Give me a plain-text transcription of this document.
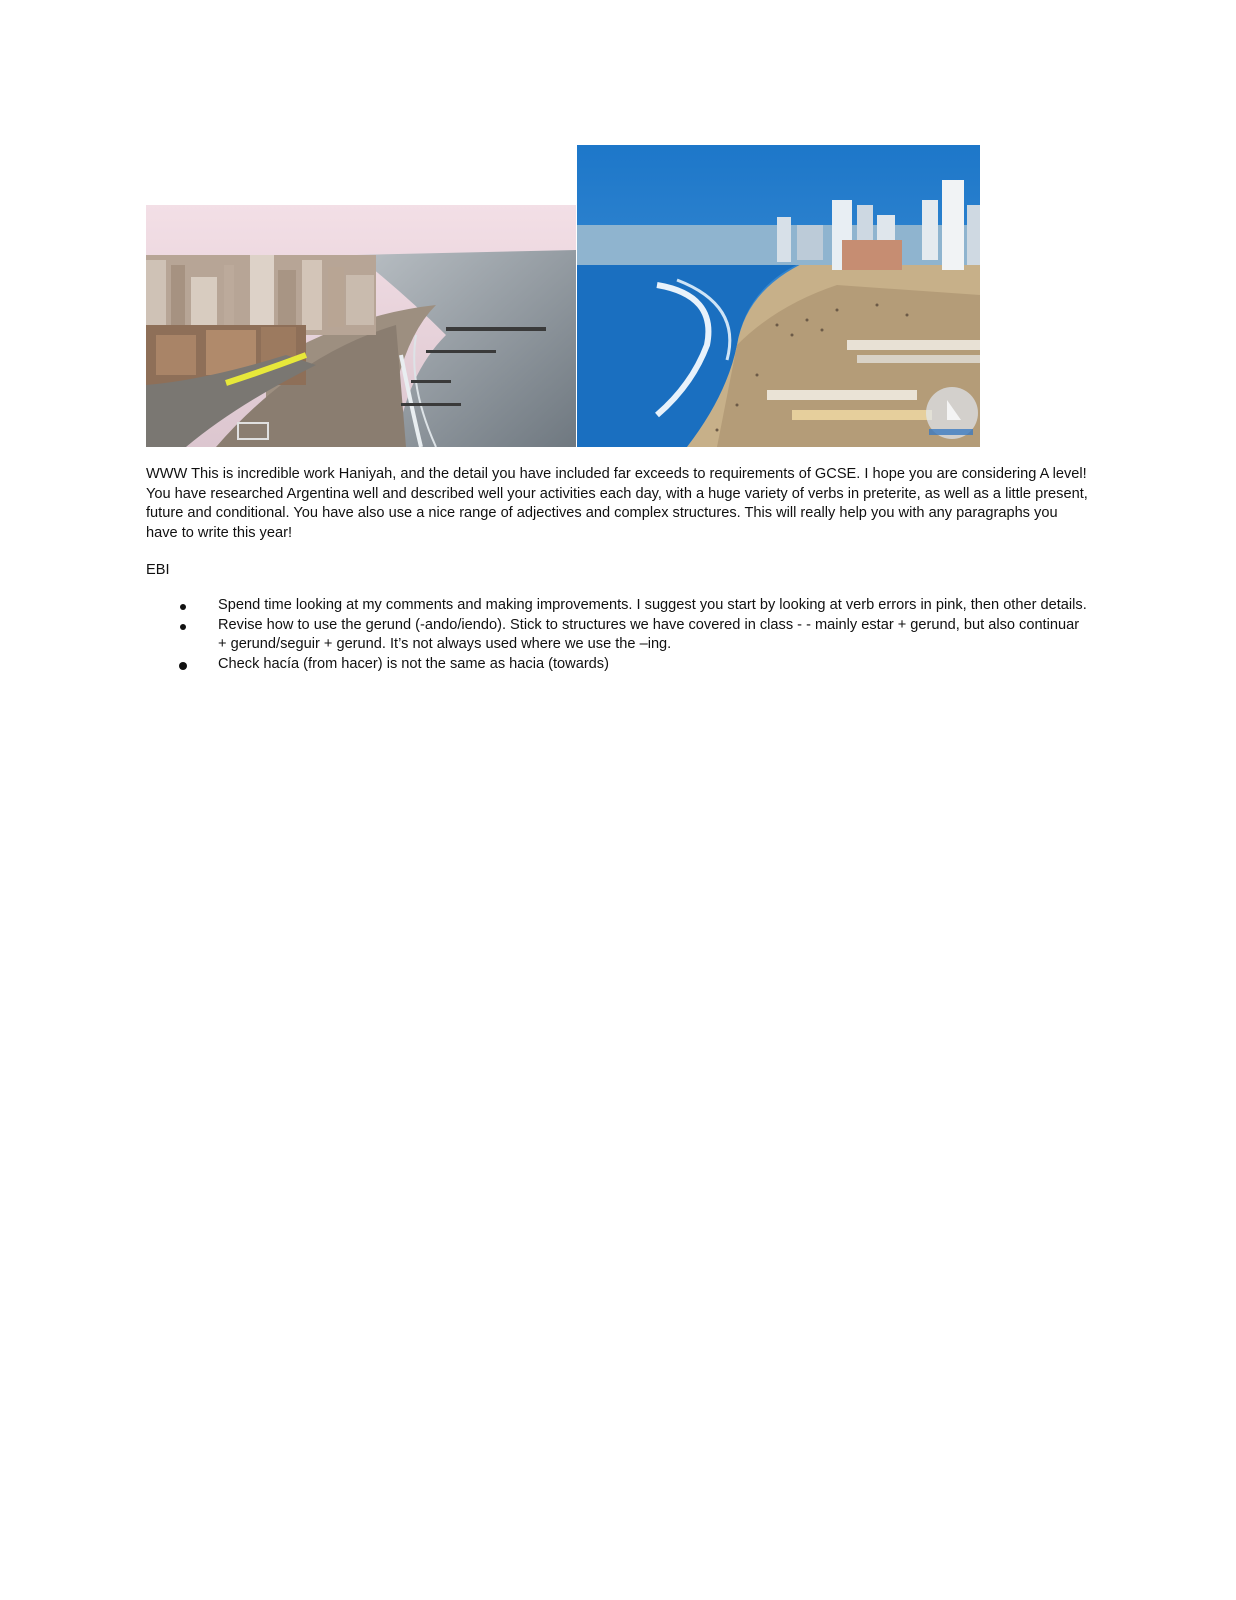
WWW This is incredible work Haniyah, and the detail you have included far exceeds to requirements of GCSE. I hope you are considering A level! You have researched Argentina well and described well your activities each day, with a huge variety of verbs in preterite, as well as a little present, future and conditional. You have also use a nice range of adjectives and complex structures. This will really help you with any paragraphs you have to write this year!
EBI
Spend time looking at my comments and making improvements. I suggest you start by looking at verb errors in pink, then other details.
Revise how to use the gerund (-ando/iendo). Stick to structures we have covered in class - - mainly estar + gerund, but also continuar + gerund/seguir + gerund. It’s not always used where we use the –ing.
Check hacía (from hacer) is not the same as hacia (towards)
